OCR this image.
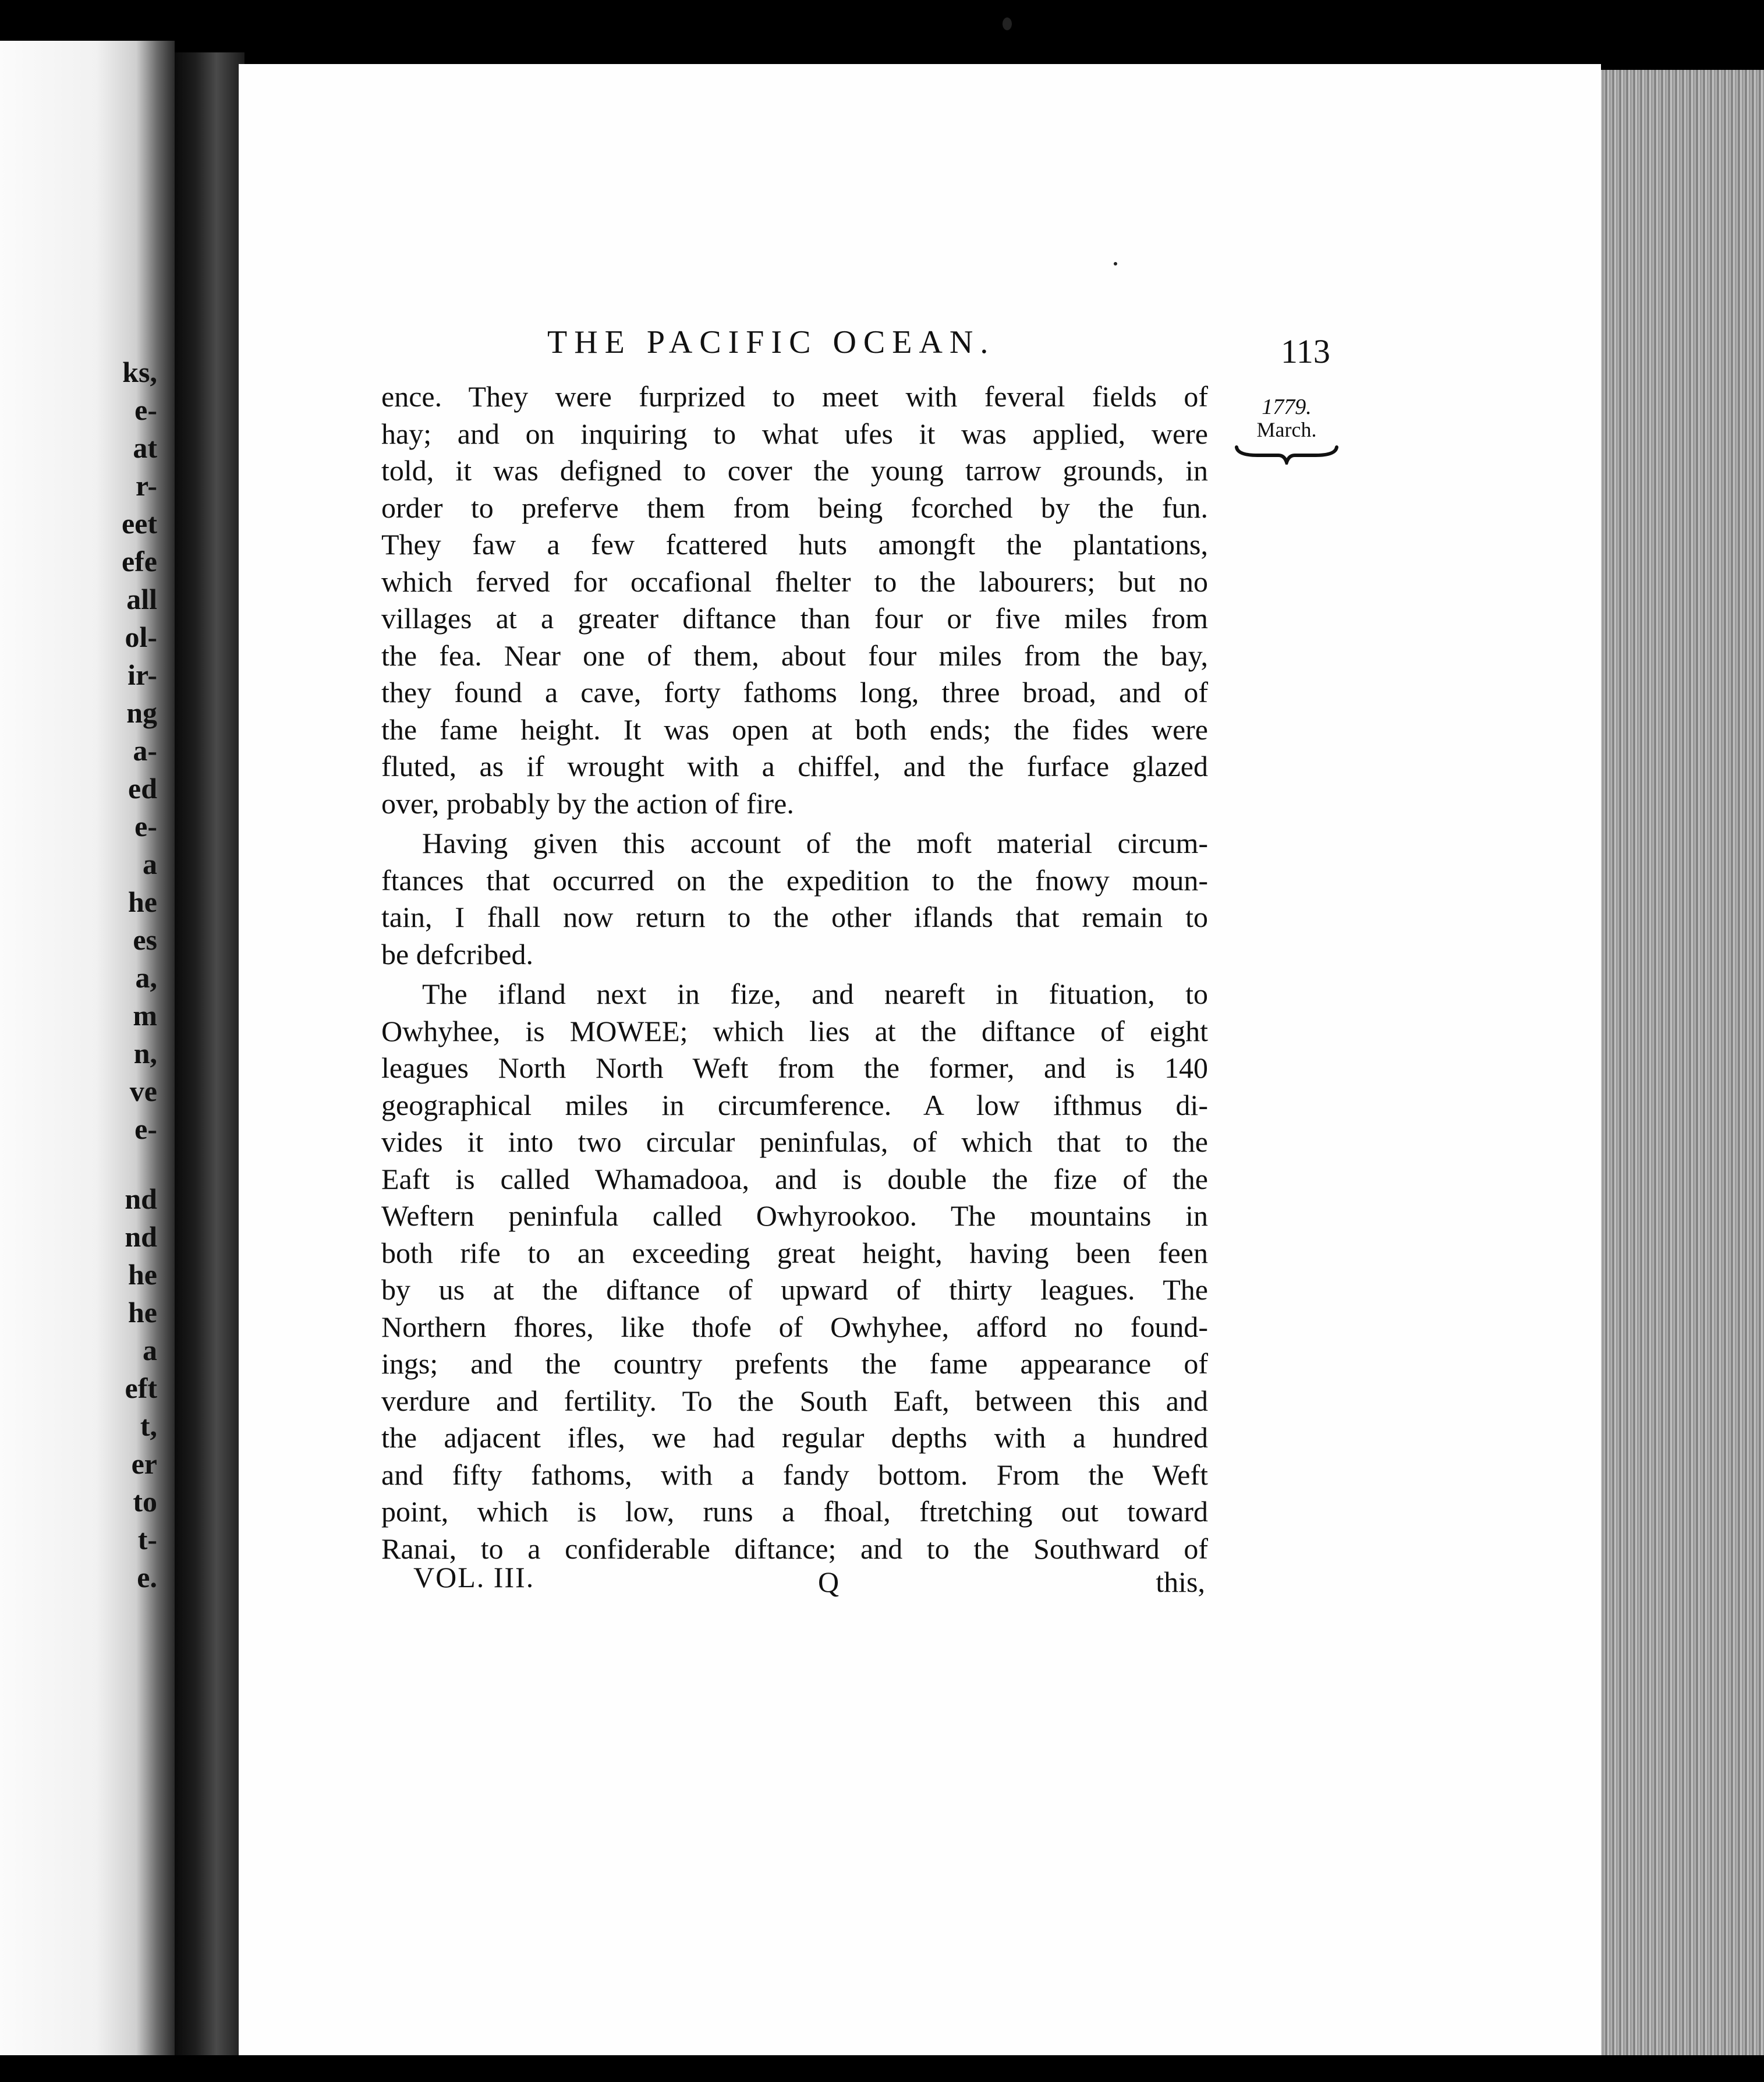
ks,
e-
at
r-
eet
efe
all
ol-
ir-
ng
a-
ed
e-
a
he
es
a,
m
n,
ve
e-
nd
nd
he
he
a
eft
t,
er
to
t-
e.
THE PACIFIC OCEAN.	113
1779.
March.
ence. They were furprized to meet with feveral fields of
hay; and on inquiring to what ufes it was applied, were
told, it was defigned to cover the young tarrow grounds, in
order to preferve them from being fcorched by the fun.
They faw a few fcattered huts amongft the plantations,
which ferved for occafional fhelter to the labourers; but no
villages at a greater diftance than four or five miles from
the fea. Near one of them, about four miles from the bay,
they found a cave, forty fathoms long, three broad, and of
the fame height. It was open at both ends; the fides were
fluted, as if wrought with a chiffel, and the furface glazed
over, probably by the action of fire.
Having given this account of the moft material circum-
ftances that occurred on the expedition to the fnowy moun-
tain, I fhall now return to the other iflands that remain to
be defcribed.
The ifland next in fize, and neareft in fituation, to
Owhyhee, is MOWEE; which lies at the diftance of eight
leagues North North Weft from the former, and is 140
geographical miles in circumference. A low ifthmus di-
vides it into two circular peninfulas, of which that to the
Eaft is called Whamadooa, and is double the fize of the
Weftern peninfula called Owhyrookoo. The mountains in
both rife to an exceeding great height, having been feen
by us at the diftance of upward of thirty leagues. The
Northern fhores, like thofe of Owhyhee, afford no found-
ings; and the country prefents the fame appearance of
verdure and fertility. To the South Eaft, between this and
the adjacent ifles, we had regular depths with a hundred
and fifty fathoms, with a fandy bottom. From the Weft
point, which is low, runs a fhoal, ftretching out toward
Ranai, to a confiderable diftance; and to the Southward of
VOL. III.	Q	this,
